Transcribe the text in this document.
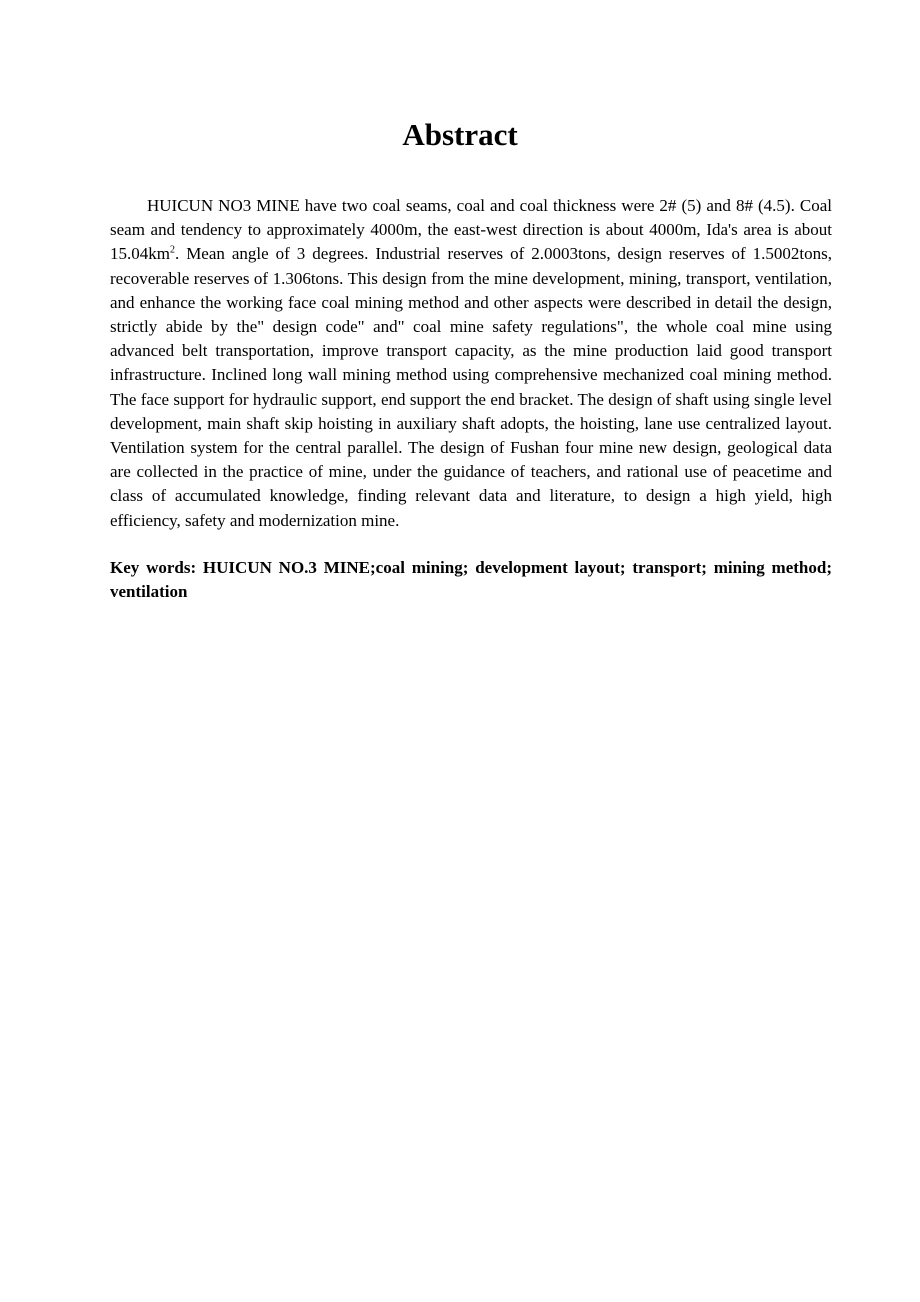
Abstract

HUICUN NO3 MINE have two coal seams, coal and coal thickness were 2# (5) and 8# (4.5). Coal seam and tendency to approximately 4000m, the east-west direction is about 4000m, Ida's area is about $15.04km^2$. Mean angle of 3 degrees. Industrial reserves of 2.0003tons, design reserves of 1.5002tons, recoverable reserves of 1.306tons. This design from the mine development, mining, transport, ventilation, and enhance the working face coal mining method and other aspects were described in detail the design, strictly abide by the" design code" and" coal mine safety regulations", the whole coal mine using advanced belt transportation, improve transport capacity, as the mine production laid good transport infrastructure. Inclined long wall mining method using comprehensive mechanized coal mining method. The face support for hydraulic support, end support the end bracket. The design of shaft using single level development, main shaft skip hoisting in auxiliary shaft adopts, the hoisting, lane use centralized layout. Ventilation system for the central parallel. The design of Fushan four mine new design, geological data are collected in the practice of mine, under the guidance of teachers, and rational use of peacetime and class of accumulated knowledge, finding relevant data and literature, to design a high yield, high efficiency, safety and modernization mine.

Key words: HUICUN NO.3 MINE;coal mining; development layout; transport; mining method; ventilation
